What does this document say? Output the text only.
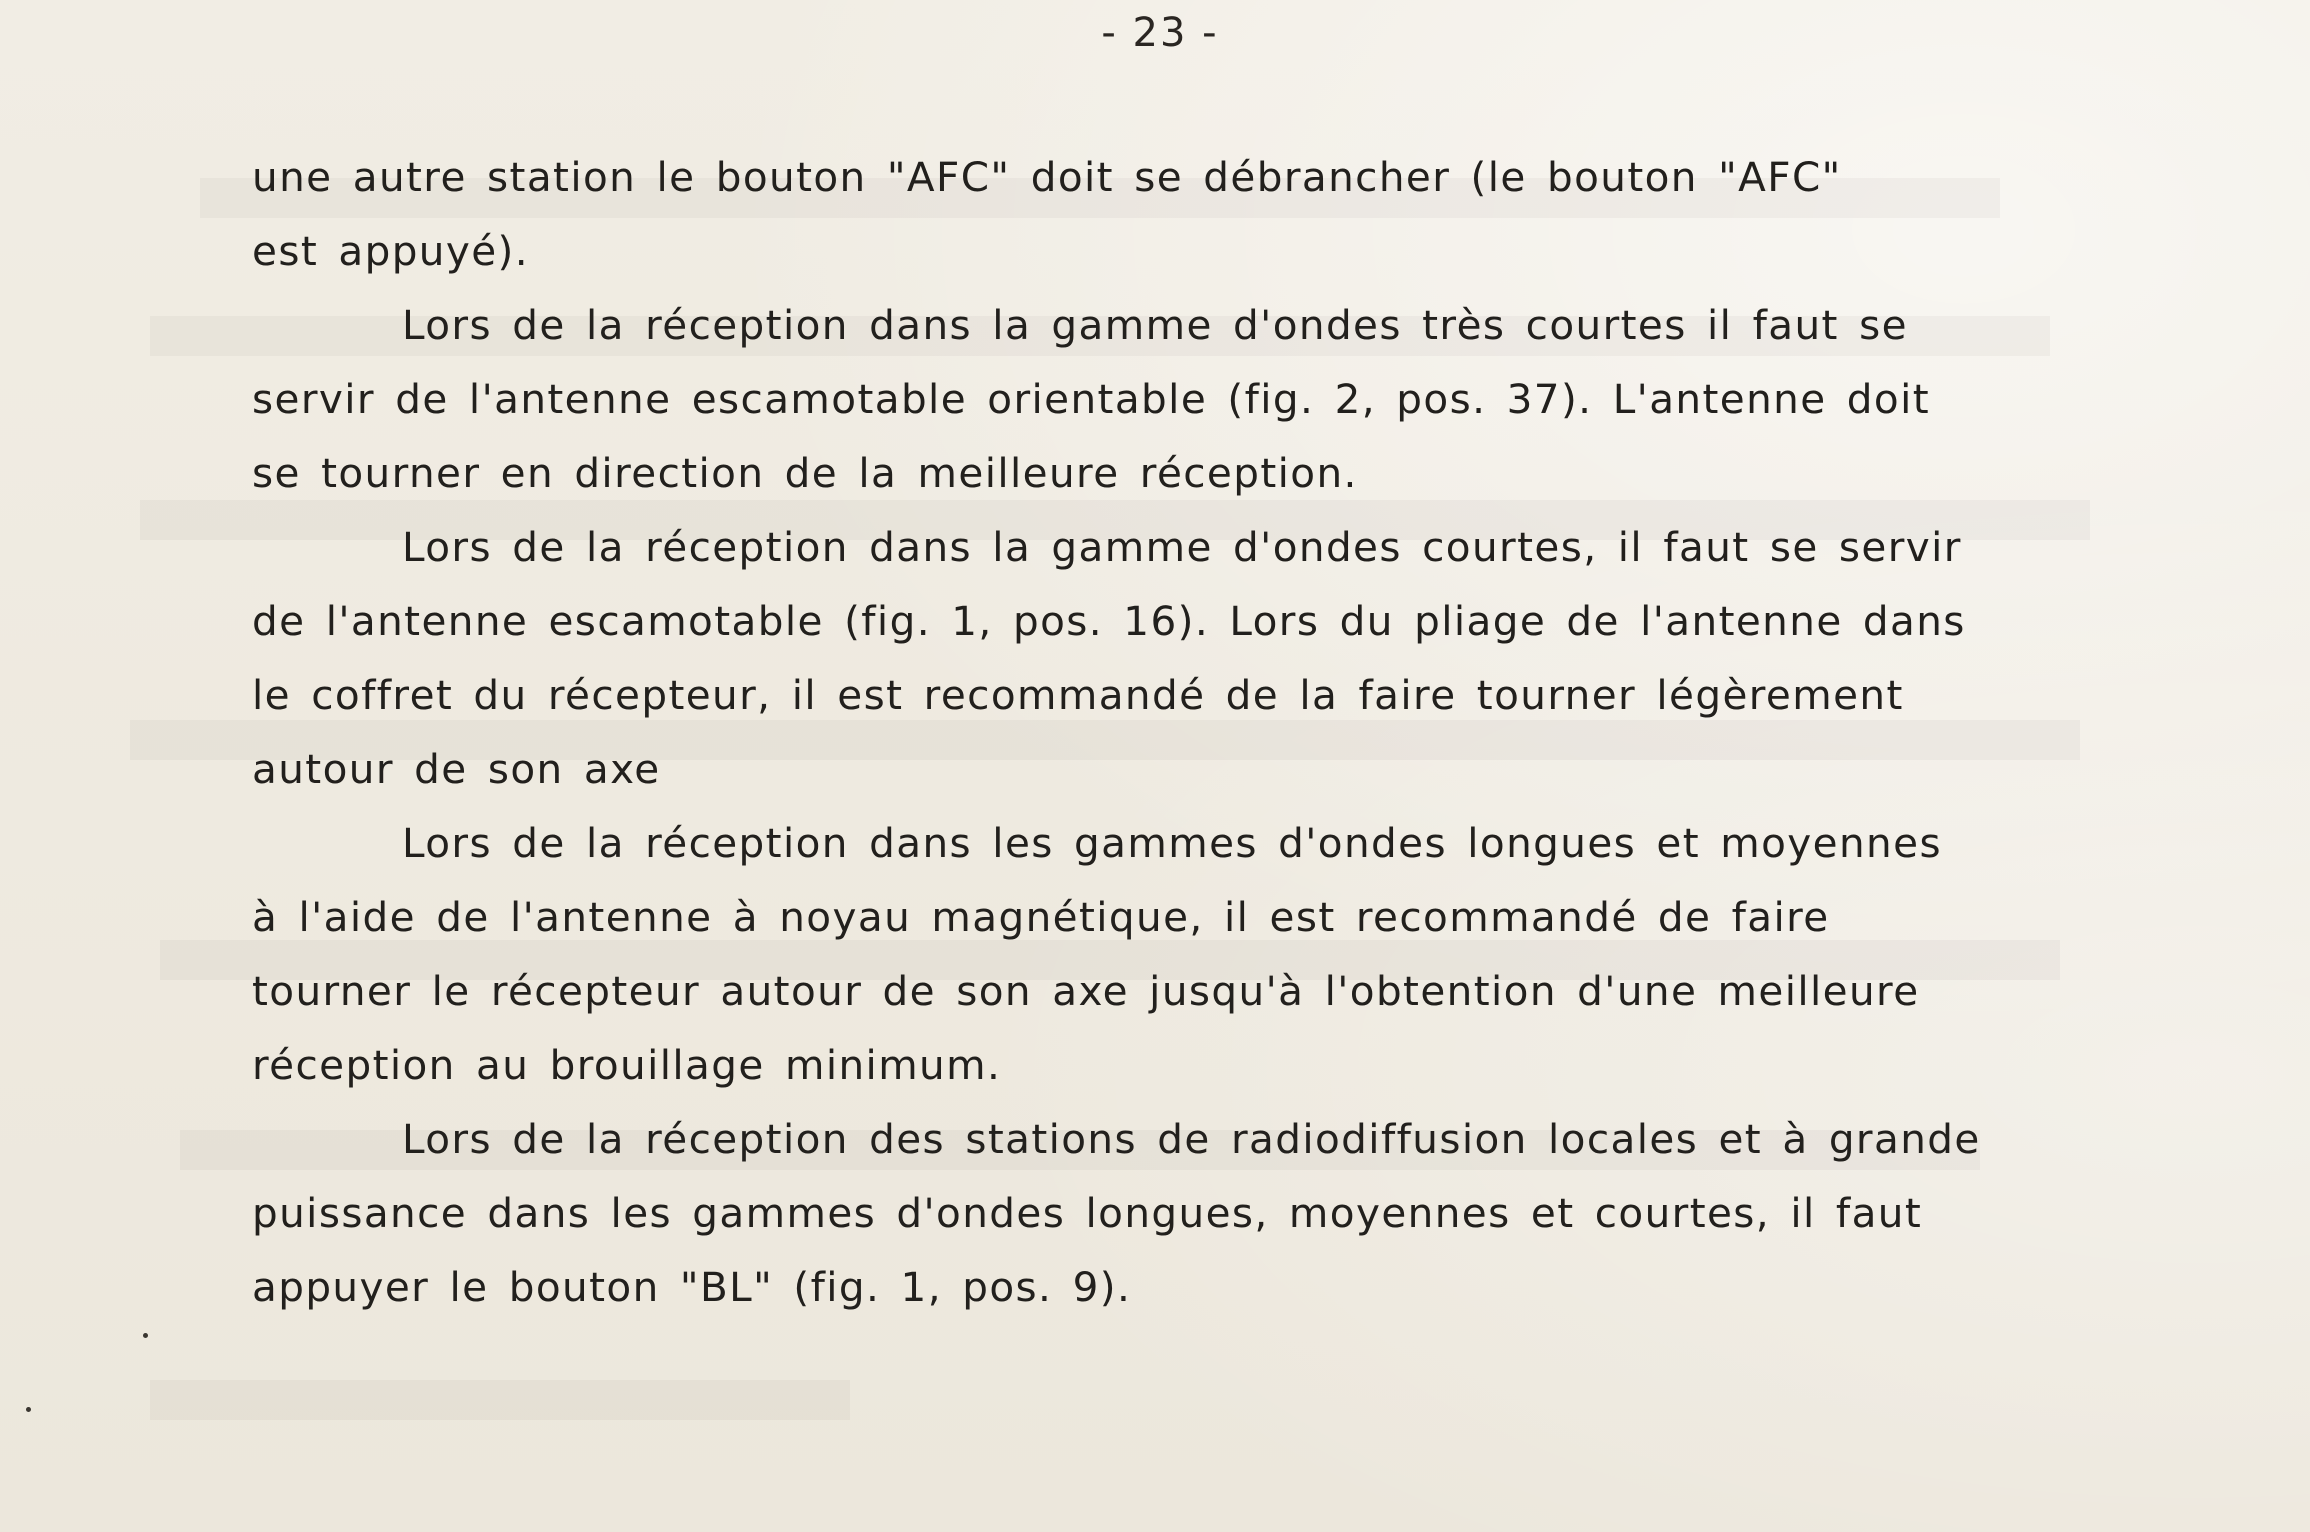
- 23 -
une autre station le bouton "AFC" doit se débrancher (le bouton "AFC"
est appuyé).
Lors de la réception dans la gamme d'ondes très courtes il faut se
servir de l'antenne escamotable orientable (fig. 2, pos. 37). L'antenne doit
se tourner en direction de la meilleure réception.
Lors de la réception dans la gamme d'ondes courtes, il faut se servir
de l'antenne escamotable (fig. 1, pos. 16). Lors du pliage de l'antenne dans
le coffret du récepteur, il est recommandé de la faire tourner légèrement
autour de son axe
Lors de la réception dans les gammes d'ondes longues et moyennes
à l'aide de l'antenne à noyau magnétique, il est recommandé de faire
tourner le récepteur autour de son axe jusqu'à l'obtention d'une meilleure
réception au brouillage minimum.
Lors de la réception des stations de radiodiffusion locales et à grande
puissance dans les gammes d'ondes longues, moyennes et courtes, il faut
appuyer le bouton "BL" (fig. 1, pos. 9).
